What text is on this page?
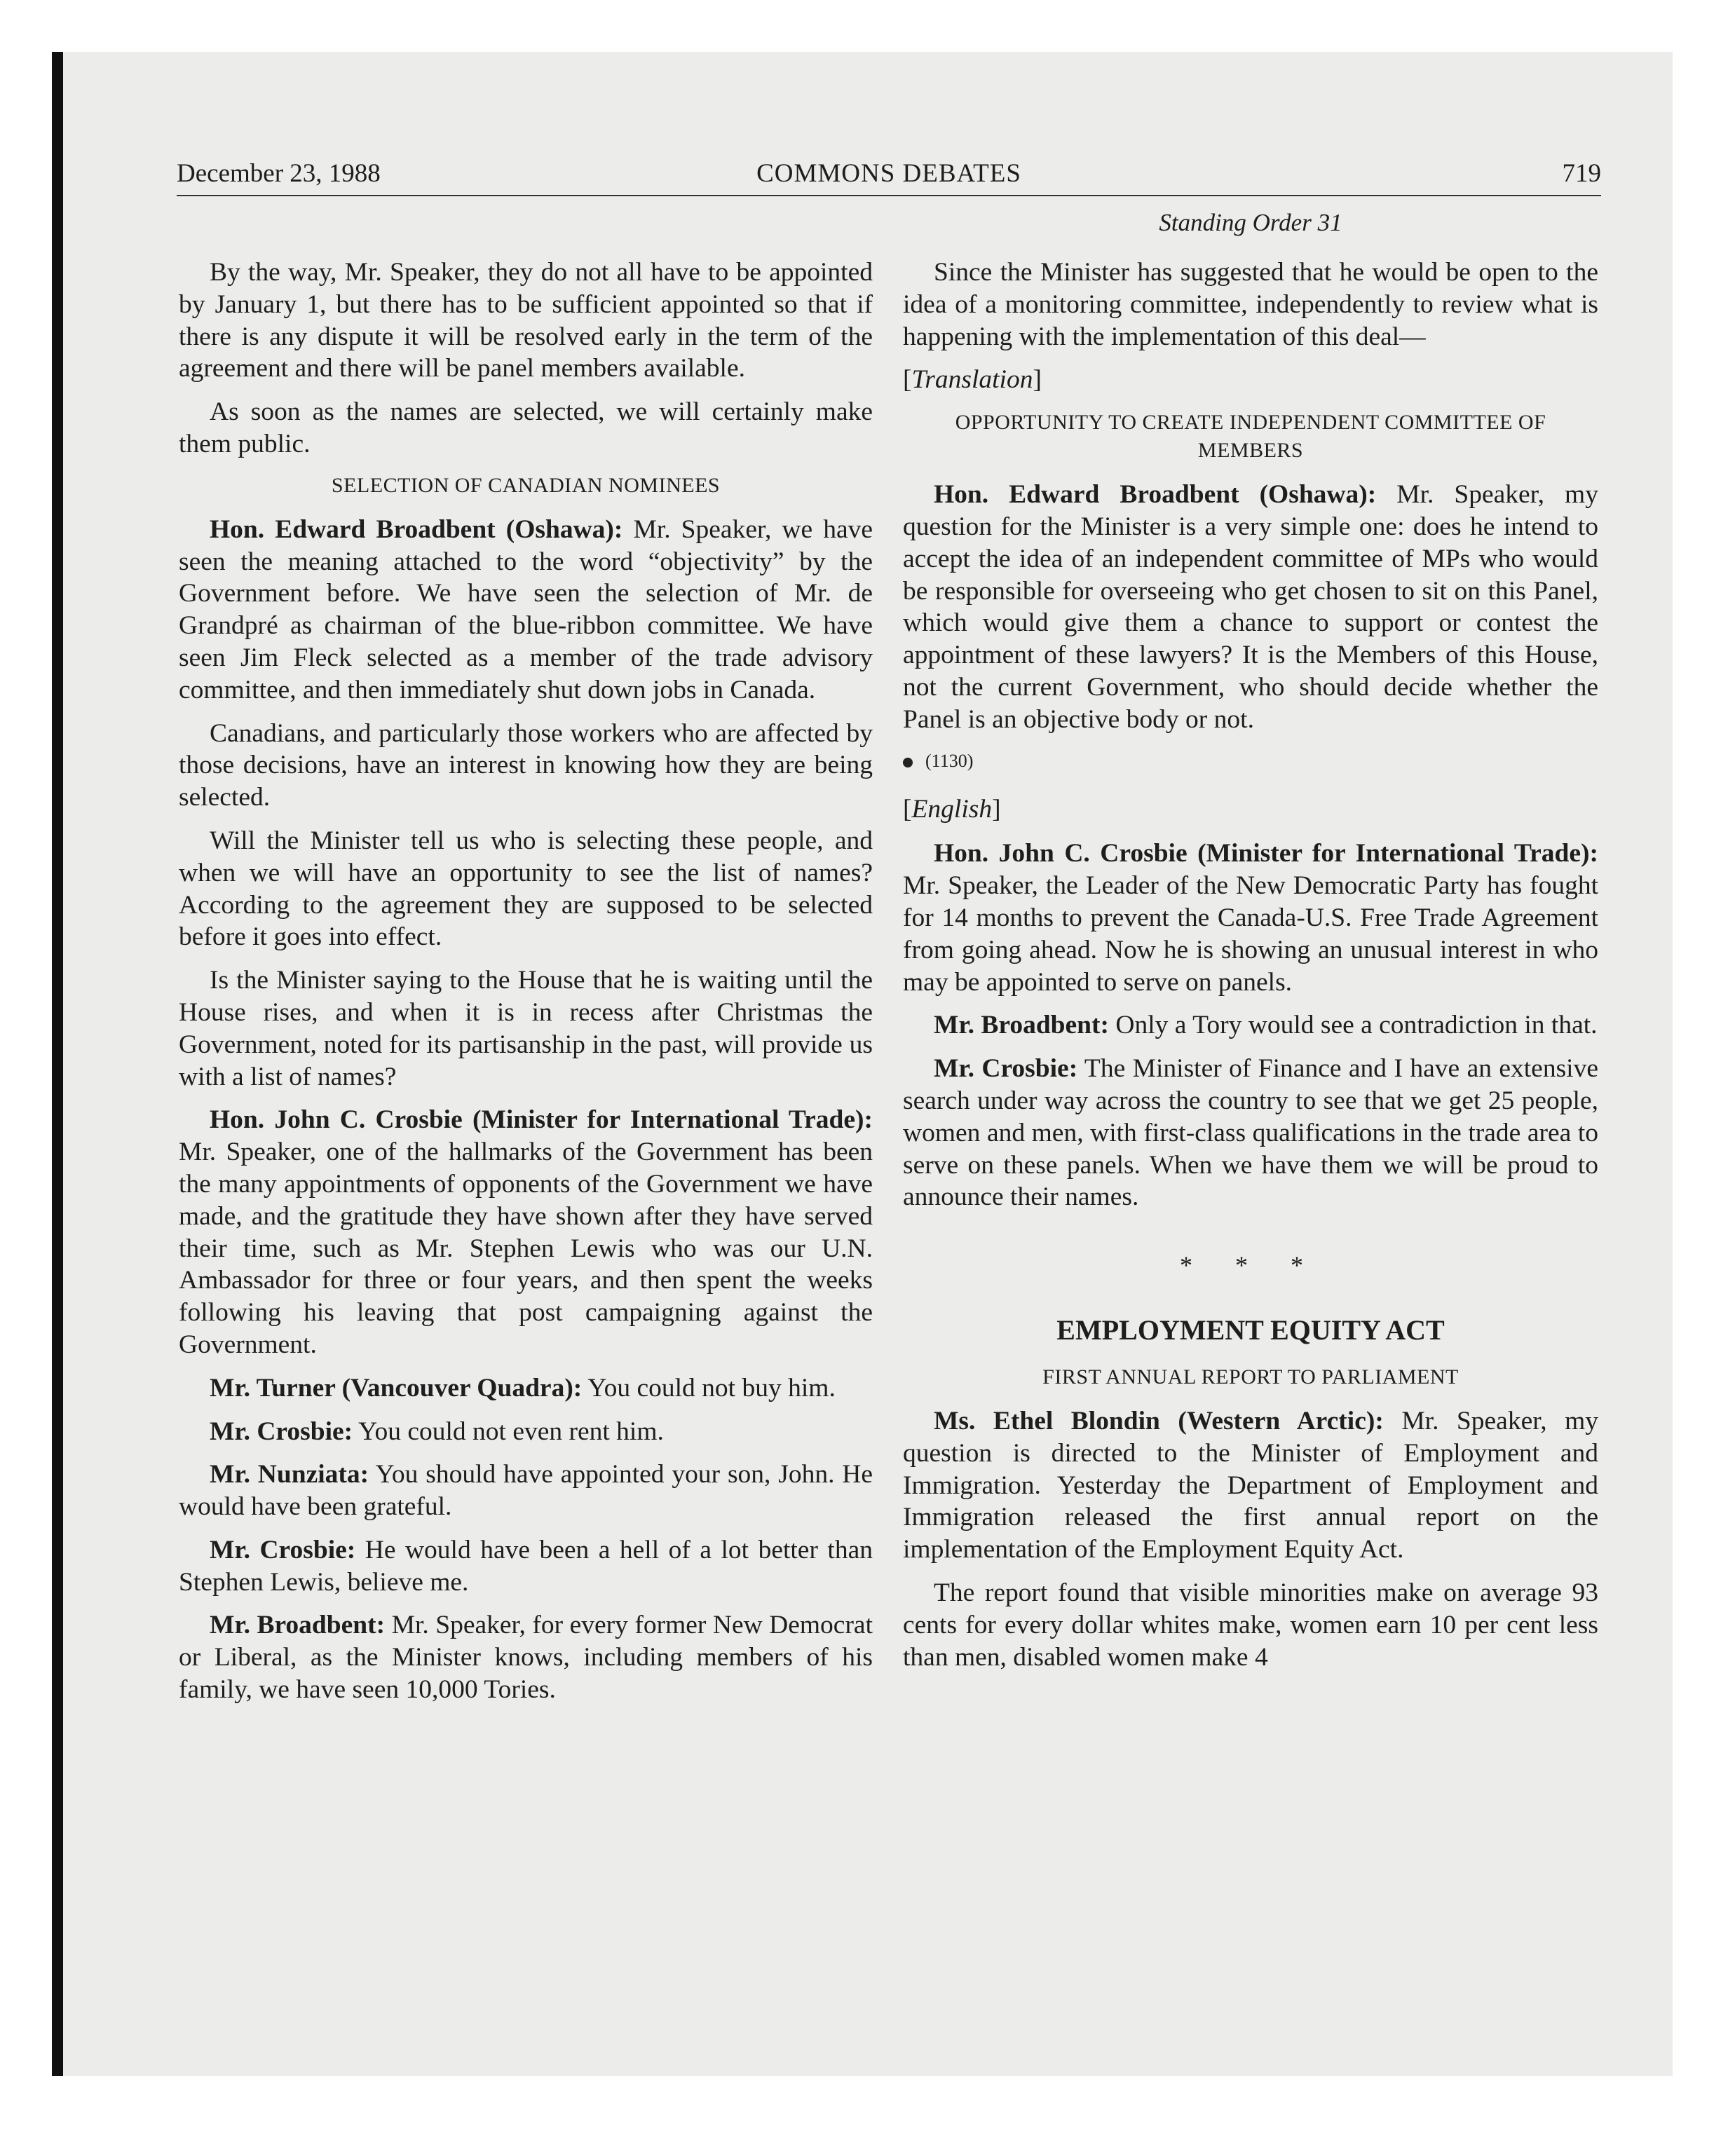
December 23, 1988	COMMONS DEBATES	719
Standing Order 31

By the way, Mr. Speaker, they do not all have to be appointed by January 1, but there has to be sufficient appointed so that if there is any dispute it will be resolved early in the term of the agreement and there will be panel members available.

As soon as the names are selected, we will certainly make them public.

SELECTION OF CANADIAN NOMINEES

Hon. Edward Broadbent (Oshawa): Mr. Speaker, we have seen the meaning attached to the word “objectivity” by the Government before. We have seen the selection of Mr. de Grandpré as chairman of the blue-ribbon committee. We have seen Jim Fleck selected as a member of the trade advisory committee, and then immediately shut down jobs in Canada.

Canadians, and particularly those workers who are affected by those decisions, have an interest in knowing how they are being selected.

Will the Minister tell us who is selecting these people, and when we will have an opportunity to see the list of names? According to the agreement they are supposed to be selected before it goes into effect.

Is the Minister saying to the House that he is waiting until the House rises, and when it is in recess after Christmas the Government, noted for its partisanship in the past, will provide us with a list of names?

Hon. John C. Crosbie (Minister for International Trade): Mr. Speaker, one of the hallmarks of the Government has been the many appointments of opponents of the Government we have made, and the gratitude they have shown after they have served their time, such as Mr. Stephen Lewis who was our U.N. Ambassador for three or four years, and then spent the weeks following his leaving that post campaigning against the Government.

Mr. Turner (Vancouver Quadra): You could not buy him.

Mr. Crosbie: You could not even rent him.

Mr. Nunziata: You should have appointed your son, John. He would have been grateful.

Mr. Crosbie: He would have been a hell of a lot better than Stephen Lewis, believe me.

Mr. Broadbent: Mr. Speaker, for every former New Democrat or Liberal, as the Minister knows, including members of his family, we have seen 10,000 Tories.

Since the Minister has suggested that he would be open to the idea of a monitoring committee, independently to review what is happening with the implementation of this deal—

[Translation]

OPPORTUNITY TO CREATE INDEPENDENT COMMITTEE OF MEMBERS

Hon. Edward Broadbent (Oshawa): Mr. Speaker, my question for the Minister is a very simple one: does he intend to accept the idea of an independent committee of MPs who would be responsible for overseeing who get chosen to sit on this Panel, which would give them a chance to support or contest the appointment of these lawyers? It is the Members of this House, not the current Government, who should decide whether the Panel is an objective body or not.

(1130)

[English]

Hon. John C. Crosbie (Minister for International Trade): Mr. Speaker, the Leader of the New Democratic Party has fought for 14 months to prevent the Canada-U.S. Free Trade Agreement from going ahead. Now he is showing an unusual interest in who may be appointed to serve on panels.

Mr. Broadbent: Only a Tory would see a contradiction in that.

Mr. Crosbie: The Minister of Finance and I have an extensive search under way across the country to see that we get 25 people, women and men, with first-class qualifications in the trade area to serve on these panels. When we have them we will be proud to announce their names.

* * *

EMPLOYMENT EQUITY ACT

FIRST ANNUAL REPORT TO PARLIAMENT

Ms. Ethel Blondin (Western Arctic): Mr. Speaker, my question is directed to the Minister of Employment and Immigration. Yesterday the Department of Employment and Immigration released the first annual report on the implementation of the Employment Equity Act.

The report found that visible minorities make on average 93 cents for every dollar whites make, women earn 10 per cent less than men, disabled women make 4
